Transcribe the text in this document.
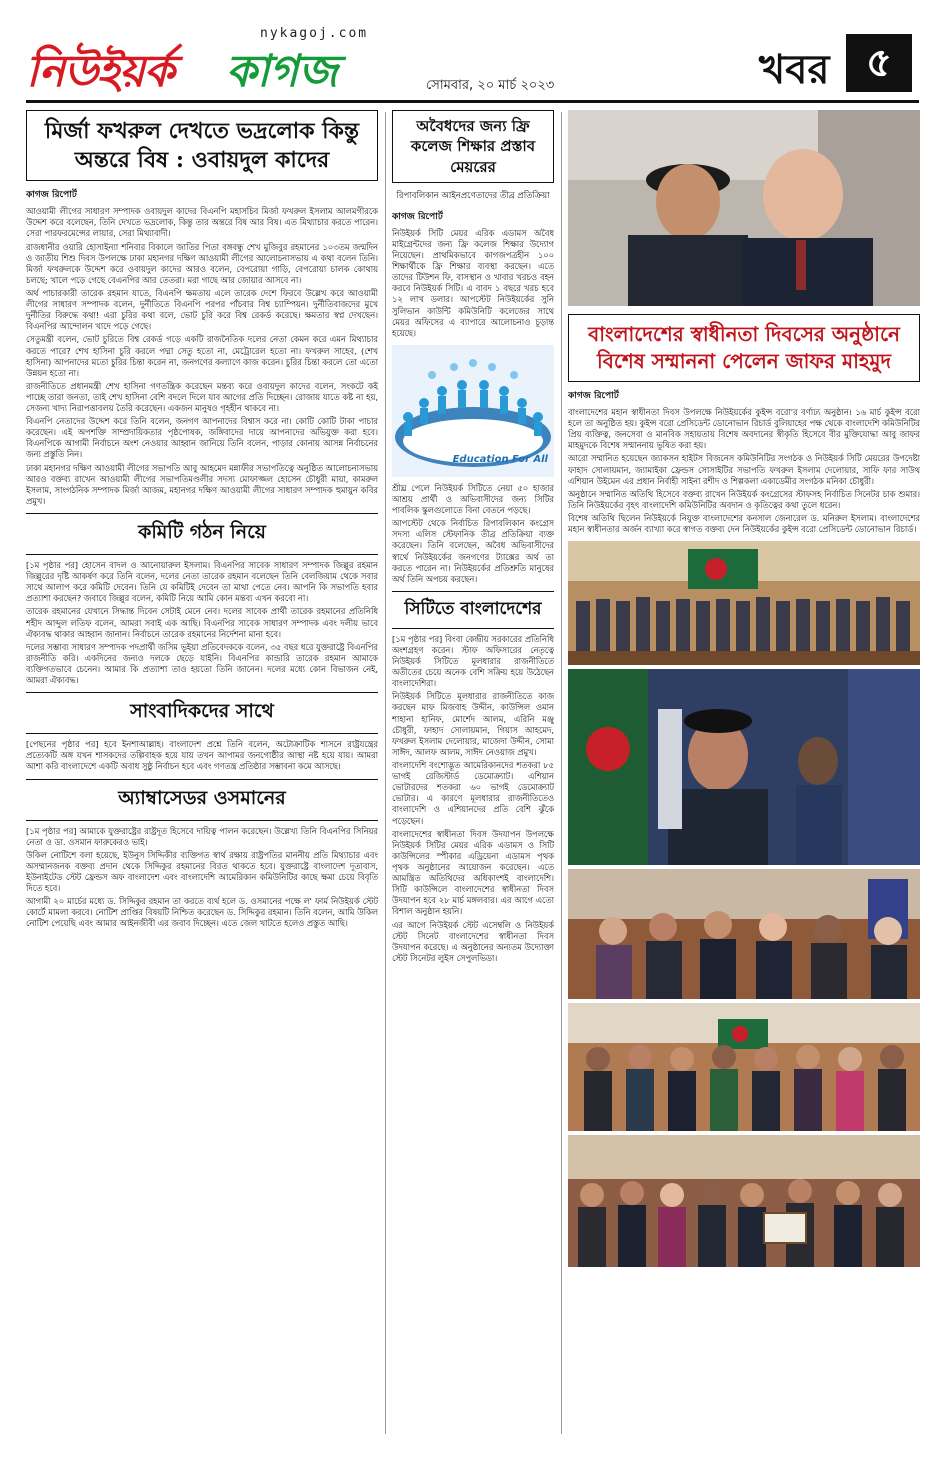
nykagoj.com
নিউইয়র্ক কাগজ	সোমবার, ২০ মার্চ ২০২৩	খবর ৫
মির্জা ফখরুল দেখতে ভদ্রলোক কিন্তু অন্তরে বিষ : ওবায়দুল কাদের
কাগজ রিপোর্ট

আওয়ামী লীগের সাধারণ সম্পাদক ওবায়দুল কাদের বিএনপি মহাসচিব মির্জা ফখরুল ইসলাম আলমগীরকে উদ্দেশ করে বলেছেন, তিনি দেখতে ভদ্রলোক, কিন্তু তার অন্তরে বিষ আর বিষ। এত মিথ্যাচার করতে পারেন। সেরা পারফরমেন্সের লায়ার, সেরা মিথ্যাবাদী।

রাজধানীর ওয়ারি হোসাইন্যা শনিবার বিকালে জাতির পিতা বঙ্গবন্ধু শেখ মুজিবুর রহমানের ১০৩তম জন্মদিন ও জাতীয় শিশু দিবস উপলক্ষে ঢাকা মহানগর দক্ষিণ আওয়ামী লীগের আলোচনাসভায় এ কথা বলেন তিনি। মির্জা ফখরুলকে উদ্দেশ করে ওবায়দুল কাদের আরও বলেন, বেপরোয়া গাড়ি, বেপরোয়া চালক কোথায় চলছে; খালে পড়ে গেছে বেএনপির আর তেতরা। মরা গাছে আর জোয়ার আসবে না।

অর্থ পাচারকারী তারেক রহমান যাতে, বিএনপি ক্ষমতায় এলে তারেক দেশে ফিরবে উল্লেখ করে আওয়ামী লীগের সাধারণ সম্পাদক বলেন, দুর্নীতিতে বিএনপি পরপর পাঁচবার বিশ্ব চ্যাম্পিয়ন। দুর্নীতিবাজদের মুখে দুর্নীতির বিরুদ্ধে কথা! এরা চুরির কথা বলে, ভোট চুরি করে বিশ্ব রেকর্ড করেছে। ক্ষমতার স্বপ্ন দেখছেন। বিএনপির আন্দোলন খাদে পড়ে গেছে।

সেতুমন্ত্রী বলেন, ভোট চুরিতে বিশ্ব রেকর্ড গড়ে একটি রাজনৈতিক দলের নেতা কেমন করে এমন মিথ্যাচার করতে পারে? শেখ হাসিনা চুরি করলে পদ্মা সেতু হতো না, মেট্রোরেল হতো না। ফখরুল সাহেব, (শেখ হাসিনা) আপনাদের মতো চুরির চিন্তা করেন না, জনগণের কল্যাণে কাজ করেন। চুরির চিন্তা করলে তো এতো উন্নয়ন হতো না।

রাজনীতিতে প্রধানমন্ত্রী শেখ হাসিনা গণতন্ত্রিক করেছেন মন্তব্য করে ওবায়দুল কাদের বলেন, সংকটে কই পাচ্ছে তারা জনতা, তাই শেখ হাসিনা বেশি বদলে দিলে যাব আগের প্রতি দিচ্ছেন। রোজায় যাতে কষ্ট না হয়, সেজন্য খাদ্য নিরাপত্তাবলয় তৈরি করেছেন। একজন মানুষও গৃহহীন থাকবে না।

বিএনপি নেতাদের উদ্দেশ করে তিনি বলেন, জনগণ আপনাদের বিশ্বাস করে না। কোটি কোটি টাকা পাচার করেছেন। এই অপশক্তি সাম্প্রদায়িকতার পৃষ্ঠপোষক, জঙ্গিবাদের দায়ে আপনাদের অভিযুক্ত করা হবে। বিএনপিকে আগামী নির্বাচনে অংশ নেওয়ার আহ্বান জানিয়ে তিনি বলেন, পাড়ার কোনায় আসন্ন নির্বাচনের জন্য প্রস্তুতি নিন।

ঢাকা মহানগর দক্ষিণ আওয়ামী লীগের সভাপতি আবু আহমেদ মন্নাফীর সভাপতিত্বে অনুষ্ঠিত আলোচনাসভায় আরও বক্তব্য রাখেন আওয়ামী লীগের সভাপতিমণ্ডলীর সদস্য মোফাজ্জল হোসেন চৌধুরী মায়া, কামরুল ইসলাম, সাংগঠনিক সম্পাদক মির্জা আজম, মহানগর দক্ষিণ আওয়ামী লীগের সাধারণ সম্পাদক হুমায়ুন কবির প্রমুখ।

কমিটি গঠন নিয়ে

[১ম পৃষ্ঠার পর] হোসেন বাদল ও আনোয়ারুল ইসলাম। বিএনপির সাবেক সাধারণ সম্পাদক জিল্লুর রহমান জিল্লুরের দৃষ্টি আকর্ষণ করে তিনি বলেন, দলের নেতা তারেক রহমান বলেছেন তিনি বেলজিয়াম থেকে সবার সাথে আলাপ করে কমিটি দেবেন। তিনি যে কমিটিই দেবেন তা মাথা পেতে নেব। আপনি কি সভাপতি হবার প্রত্যাশা করছেন? জবাবে জিল্লুর বলেন, কমিটি নিয়ে আমি কোন মন্তব্য এখন করবো না।

তারেক রহমানের যেখানে সিদ্ধান্ত দিবেন সেটাই মেনে নেব। দলের সাবেক প্রার্থী তারেক রহমানের প্রতিনিধি শহীদ আব্দুল লতিফ বলেন, আমরা সবাই এক আছি। বিএনপির সাবেক সাধারণ সম্পাদক এবং দলীয় ভাবে ঐক্যবদ্ধ থাকার আহ্বান জানান। নির্বাচনে তারেক রহমানের নির্দেশনা মানা হবে।

দলের সম্ভাব্য সাধারণ সম্পাদক পদপ্রার্থী জসিম ভূইয়া প্রতিবেদককে বলেন, ৩৫ বছর ধরে যুক্তরাষ্ট্রে বিএনপির রাজনীতি করি। একদিনের জন্যও দলকে ছেড়ে যাইনি। বিএনপির কান্ডারি তারেক রহমান আমাকে ব্যক্তিগতভাবে চেনেন। আমার কি প্রত্যাশা তাও হয়তো তিনি জানেন। দলের মধ্যে কোন বিভাজন নেই, আমরা ঐক্যবদ্ধ।

সাংবাদিকদের সাথে

[পেছনের পৃষ্ঠার পর] হবে ইনশাআল্লাহ। বাংলাদেশ প্রশ্নে তিনি বলেন, অটোক্রাটিক শাসনে রাষ্ট্রযন্ত্রের প্রত্যেকটি অঙ্গ যখন শাসকদের তল্পিবাহক হয়ে যায় তখন আপামর জনগোষ্ঠীর আস্থা নষ্ট হয়ে যায়। আমরা আশা করি বাংলাদেশে একটি অবাধ সুষ্ঠু নির্বাচন হবে এবং গণতন্ত্র প্রতিষ্ঠার সম্ভাবনা কমে আসছে।

অ্যাম্বাসেডর ওসমানের

[১ম পৃষ্ঠার পর] আমাকে যুক্তরাষ্ট্রের রাষ্ট্রদূত হিসেবে দায়িত্ব পালন করেছেন। উল্লেখ্য তিনি বিএনপির সিনিয়র নেতা ও ডা. ওসমান ফারুকেরও ভাই।

উকিল নোটিশে বলা হয়েছে, ইউনুস সিদ্দিকীর ব্যক্তিগত স্বার্থ রক্ষায় রাষ্ট্রপতির মাননীয় প্রতি মিথ্যাচার এবং অসম্মানজনক বক্তব্য প্রদান থেকে সিদ্দিকুর রহমানের বিরত থাকতে হবে। যুক্তরাষ্ট্রে বাংলাদেশ দূতাবাস, ইউনাইটেড স্টেট ফ্রেন্ডস অফ বাংলাদেশ এবং বাংলাদেশি আমেরিকান কমিউনিটির কাছে ক্ষমা চেয়ে বিবৃতি দিতে হবে।

আগামী ২০ মার্চের মধ্যে ড. সিদ্দিকুর রহমান তা করতে ব্যর্থ হলে ড. ওসমানের পক্ষে ল' ফার্ম নিউইয়র্ক স্টেট কোর্টে মামলা করবে। নোটিশ প্রাপ্তির বিষয়টি নিশ্চিত করেছেন ড. সিদ্দিকুর রহমান। তিনি বলেন, আমি উকিল নোটিশ পেয়েছি এবং আমার আইনজীবী এর জবাব দিচ্ছেন। এতে জেল খাটতে হলেও প্রস্তুত আছি।

অবৈধদের জন্য ফ্রি কলেজ শিক্ষার প্রস্তাব মেয়রের
রিপাবলিকান আইনপ্রণেতাদের তীব্র প্রতিক্রিয়া
কাগজ রিপোর্ট

নিউইয়র্ক সিটি মেয়র এরিক এডামস অবৈধ মাইগ্রেন্টদের জন্য ফ্রি কলেজ শিক্ষার উদ্যোগ নিয়েছেন। প্রাথমিকভাবে কাগজপত্রহীন ১০০ শিক্ষার্থীকে ফ্রি শিক্ষার ব্যবস্থা করছেন। এতে তাদের টিউশন ফি, বাসস্থান ও খাবার খরচও বহন করবে নিউইয়র্ক সিটি। এ বাবদ ১ বছরে খরচ হবে ১২ লাখ ডলার। আপস্টেট নিউইয়র্কের সুনি সুলিভান কাউন্টি কমিউনিটি কলেজের সাথে মেয়র অফিসের এ ব্যাপারে আলোচনাও চূড়ান্ত হয়েছে।

Education For All

শ্রীঘ্র পেলে নিউইয়র্ক সিটিতে নেয়া ৫০ হাজার আশ্রয় প্রার্থী ও অভিবাসীদের জন্য সিটির পাবলিক স্কুলগুলোতে বিনা বেতনে পড়ছে।

আপস্টেট থেকে নির্বাচিত রিপাবলিকান কংগ্রেস সদস্য এলিস স্টেফানিক তীব্র প্রতিক্রিয়া ব্যক্ত করেছেন। তিনি বলেছেন, অবৈধ অভিবাসীদের স্বার্থে নিউইয়র্কের জনগণের ট্যাক্সের অর্থ তা করতে পারেন না। নিউইয়র্কের প্রতিশ্রুতি মানুষের অর্থ তিনি অপচয় করছেন।

সিটিতে বাংলাদেশের

[১ম পৃষ্ঠার পর] বিংবা কেন্দ্রীয় সরকারের প্রতিনিধি অংশগ্রহণ করেন। স্টাফ অফিসারের নেতৃত্বে নিউইয়র্ক সিটিতে মূলধারার রাজনীতিতে অতীতের চেয়ে অনেক বেশি সক্রিয় হয়ে উঠেছেন বাংলাদেশিরা।

নিউইয়র্ক সিটিতে মূলধারার রাজনীতিতে কাজ করছেন মাফ মিজবাহ উদ্দীন, কাউন্সিল ওমান শাহানা হানিফ, মোর্শেদ আলম, এরিনি মঞ্জু চৌধুরী, ফাহাদ সোলায়মান, গিয়াস আহমেদ, ফখরুল ইসলাম দেলোয়ার, মাজেদা উদ্দীন, সোমা সাঈদ, আলফ আলম, সাঈদ নেওয়াজ প্রমুখ।

বাংলাদেশি বংশোদ্ভূত আমেরিকানদের শতকরা ৮৫ ভাগই রেজিস্টার্ড ডেমোক্র্যাট। এশিয়ান ভোটারদের শতকরা ৬০ ভাগই ডেমোক্র্যাট ভোটার। এ কারণে মূলধারার রাজনীতিতেও বাংলাদেশি ও এশিয়ানদের প্রতি বেশি ঝুঁকে পড়েছেন।

বাংলাদেশের স্বাধীনতা দিবস উদযাপন উপলক্ষে নিউইয়র্ক সিটির মেয়র এরিক এডামস ও সিটি কাউন্সিলের স্পীকার এড্রিয়েনা এডামস পৃথক পৃথক অনুষ্ঠানের আয়োজন করেছেন। এতে আমন্ত্রিত অতিথিদের অধিকাংশই বাংলাদেশি। সিটি কাউন্সিলে বাংলাদেশের স্বাধীনতা দিবস উদযাপন হবে ২৮ মার্চ মঙ্গলবার। এর আগে এতো বিশাল অনুষ্ঠান হয়নি।

এর আগে নিউইয়র্ক স্টেট এসেম্বলি ও নিউইয়র্ক স্টেট সিনেট বাংলাদেশের স্বাধীনতা দিবস উদযাপন করেছে। এ অনুষ্ঠানের অন্যতম উদ্যোক্তা স্টেট সিনেটর লুইস সেপুলভিডা।

বাংলাদেশের স্বাধীনতা দিবসের অনুষ্ঠানে বিশেষ সম্মাননা পেলেন জাফর মাহমুদ
কাগজ রিপোর্ট

বাংলাদেশের মহান স্বাধীনতা দিবস উপলক্ষে নিউইয়র্কের কুইন্স বরো'র বর্ণাঢ্য অনুষ্ঠান। ১৬ মার্চ কুইন্স বরো হলে তা অনুষ্ঠিত হয়। কুইন্স বরো প্রেসিডেন্ট ডোনোভান রিচার্ড বুলিয়াহের পক্ষ থেকে বাংলাদেশি কমিউনিটির প্রিয় ব্যক্তিত্ব, জনসেবা ও মানবিক সহায়তায় বিশেষ অবদানের স্বীকৃতি হিসেবে বীর মুক্তিযোদ্ধা আবু জাফর মাহমুদকে বিশেষ সম্মাননায় ভূষিত করা হয়।

আরো সম্মানিত হয়েছেন জ্যাকসন হাইটস বিজনেস কমিউনিটির সংগঠক ও নিউইয়র্ক সিটি মেয়রের উপদেষ্টা ফাহাদ সোলায়মান, জ্যামাইকা ফ্রেন্ডস সোসাইটির সভাপতি ফখরুল ইসলাম দেলোয়ার, সাফি ফার সাউথ এশিয়ান উইমেন এর প্রধান নির্বাহী সাইনা রশীদ ও শিল্পকলা একাডেমীর সংগঠক মনিকা চৌধুরী।

অনুষ্ঠানে সম্মানিত অতিথি হিসেবে বক্তব্য রাখেন নিউইয়র্ক কংগ্রেসের স্টাফসহ নির্বাচিত সিনেটর চাক শুমার। তিনি নিউইয়র্কের বৃহৎ বাংলাদেশি কমিউনিটির অবদান ও কৃতিত্বের কথা তুলে ধরেন।

বিশেষ অতিথি ছিলেন নিউইয়র্কে নিযুক্ত বাংলাদেশের কনসাল জেনারেল ড. মনিরুল ইসলাম। বাংলাদেশের মহান স্বাধীনতার অর্জন ব্যাখ্যা করে স্বাগত বক্তব্য দেন নিউইয়র্কের কুইন্স বরো প্রেসিডেন্ট ডোনোভান রিচার্ড।
